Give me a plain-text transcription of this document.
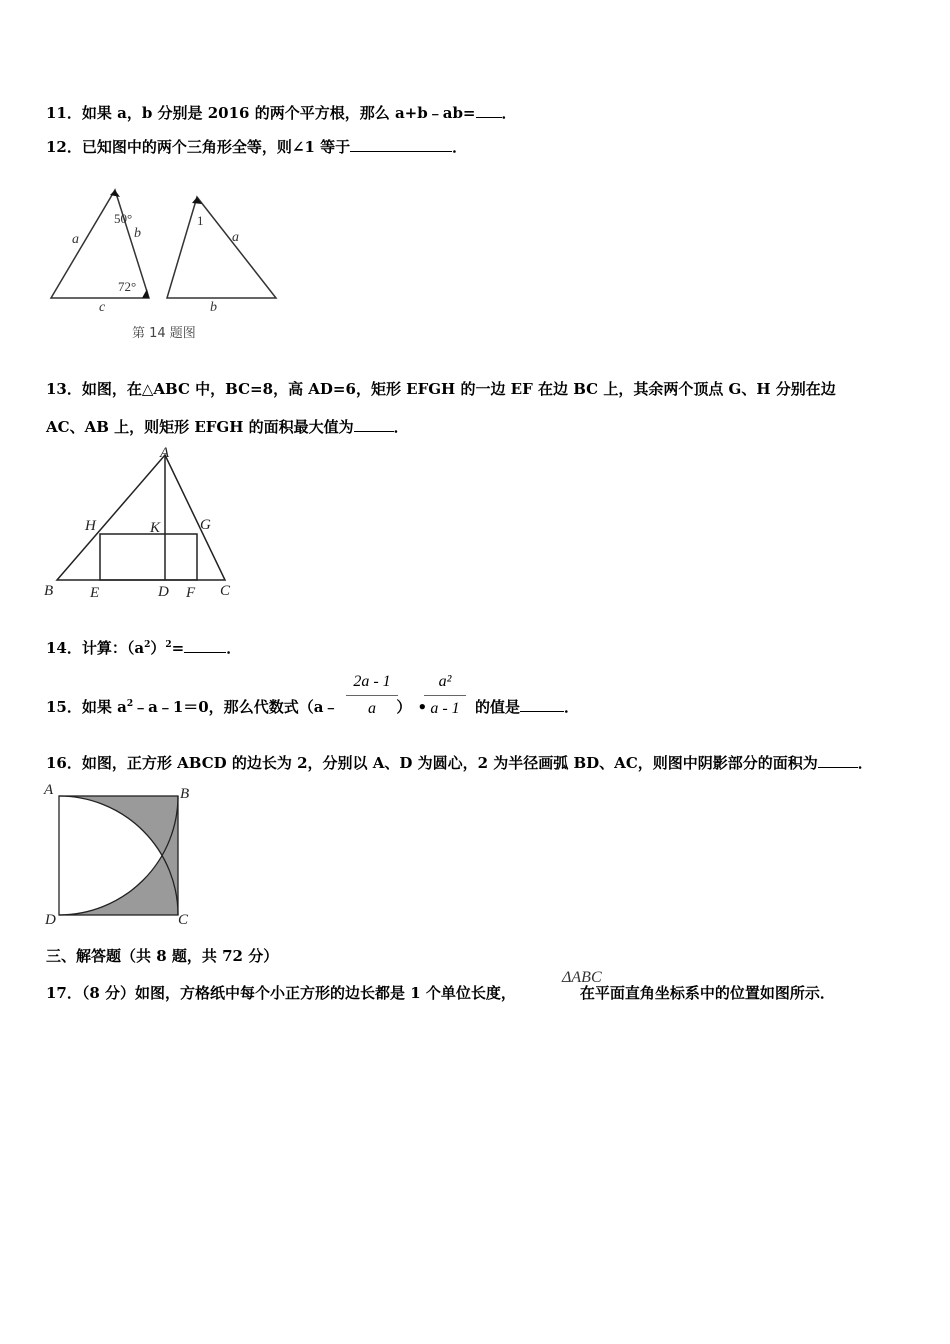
11．如果 a，b 分别是 2016 的两个平方根，那么 a+b﹣ab= ．
12．已知图中的两个三角形全等，则∠1 等于	．
a	b
c
50°
72°
1
a
b
第 14 题图
13．如图，在△ABC 中，BC=8，高 AD=6，矩形 EFGH 的一边 EF 在边 BC 上，其余两个顶点 G、H 分别在边
AC、AB 上，则矩形 EFGH 的面积最大值为	．
A
H	K	G
B E	D F C
14．计算：$(a^2)^2=$	．
15．如果 $a^2﹣a﹣1=0$，那么代数式（a﹣	） •	的值是	．
2a - 1
a
a²
a - 1
16．如图，正方形 ABCD 的边长为 2，分别以 A、D 为圆心，2 为半径画弧 BD、AC，则图中阴影部分的面积为	．
A	B
D	C
三、解答题（共 8 题，共 72 分）
17．（8 分）如图，方格纸中每个小正方形的边长都是 1 个单位长度，	在平面直角坐标系中的位置如图所示．
ΔABC
